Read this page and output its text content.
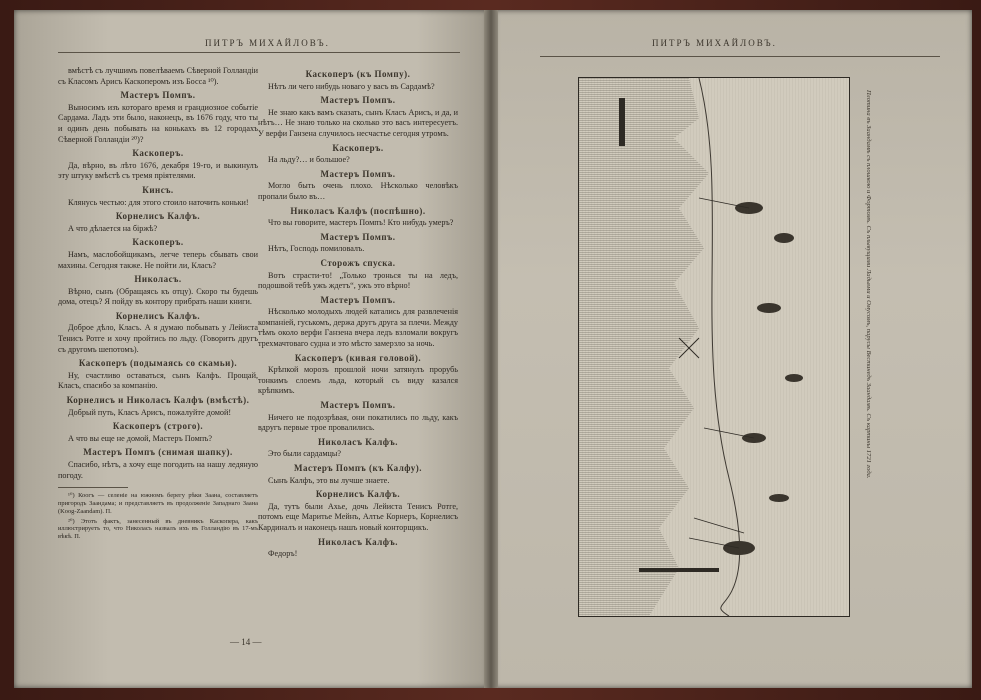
ПИТРЪ МИХАЙЛОВЪ.

вмѣстѣ съ лучшимъ повелѣваемъ Сѣверной Голландіи съ Класомъ Арисъ Каскоперомъ изъ Босса ¹⁰).

Мастеръ Помпъ.

Выносимъ изъ котораго время и грандиозное событіе Сардама. Ладъ эти было, наконецъ, въ 1676 году, что ты и одинъ день побывать на конькахъ въ 12 городахъ Сѣверной Голландіи ²⁰)?

Каскоперъ.

Да, вѣрно, въ лѣто 1676, декабря 19-го, и выкинулъ эту штуку вмѣстѣ съ тремя пріятелями.

Кинсъ.

Клянусь честью: для этого стоило наточить коньки!

Корнелисъ Калфъ.

А что дѣлается на біржѣ?

Каскоперъ.

Намъ, маслобойщикамъ, легче теперь сбывать свои махины. Сегодня также. Не пойти ли, Класъ?

Николасъ.

Вѣрно, сынъ (Обращаясь къ отцу). Скоро ты будешь дома, отецъ? Я пойду въ контору прибрать наши книги.

Корнелисъ Калфъ.

Доброе дѣло, Класъ. А я думаю побывать у Лейиста Тенисъ Ротге и хочу пройтись по льду. (Говоритъ другъ съ другомъ шепотомъ).

Каскоперъ (подымаясь со скамьи).

Ну, счастливо оставаться, сынъ Калфъ. Прощай, Класъ, спасибо за компанію.

Корнелисъ и Николасъ Калфъ (вмѣстѣ).

Добрый путь, Класъ Арисъ, пожалуйте домой!

Каскоперъ (строго).

А что вы еще не домой, Мастеръ Помпъ?

Мастеръ Помпъ (снимая шапку).

Спасибо, нѣтъ, а хочу еще погодить на нашу ледяную погоду.

¹⁰) Коогъ — селеніе на южномъ берегу рѣки Заана, составляетъ пригородъ Заандама; и представляетъ въ продолженіе Западнаго Заана (Koog-Zaandam). П.

²⁰) Этотъ фактъ, занесенный въ дневникъ Каскопера, какъ иллюстрируетъ то, что Николасъ назвалъ ихъ въ Голландію въ 17-мъ вѣкѣ. П.

Каскоперъ (къ Помпу).

Нѣтъ ли чего нибудь новаго у васъ въ Сардамѣ?

Мастеръ Помпъ.

Не знаю какъ вамъ сказать, сынъ Класъ Арисъ, и да, и нѣтъ… Не знаю только на сколько это васъ интересуетъ. У верфи Ганзена случилось несчастье сегодня утромъ.

Каскоперъ.

На льду?… и большое?

Мастеръ Помпъ.

Могло быть очень плохо. Нѣсколько человѣкъ пропали было въ…

Николасъ Калфъ (поспѣшно).

Что вы говорите, мастеръ Помпъ! Кто нибудь умеръ?

Мастеръ Помпъ.

Нѣтъ, Господь помиловалъ.

Сторожъ спуска.

Вотъ страсти-то! „Только тронься ты на ледъ, подошвой тебѣ ужъ ждетъ“, ужъ это вѣрно!

Мастеръ Помпъ.

Нѣсколько молодыхъ людей катались для развлеченія компаніей, гуськомъ, держа другъ друга за плечи. Между тѣмъ около верфи Ганзена вчера ледъ взломали вокругъ трехмачтоваго судна и это мѣсто замерзло за ночь.

Каскоперъ (кивая головой).

Крѣпкой морозъ прошлой ночи затянулъ прорубь тонкимъ слоемъ льда, который съ виду казался крѣпкимъ.

Мастеръ Помпъ.

Ничего не подозрѣвая, они покатились по льду, какъ вдругъ первые трое провалились.

Николасъ Калфъ.

Это были сардамцы?

Мастеръ Помпъ (къ Калфу).

Сынъ Калфъ, это вы лучше знаете.

Корнелисъ Калфъ.

Да, тутъ были Ахье, дочь Лейиста Тенисъ Ротге, потомъ еще Маритье Мейнъ, Алтье Корнеръ, Корнелисъ Кардиналъ и наконецъ нашъ новый конторщикъ.

Николасъ Калфъ.

Федоръ!

— 14 —
ПИТРЪ МИХАЙЛОВЪ.
Плотина въ Заандамѣ съ плошкою и Фортомъ. Съ плывущими Ладьями и Омусомъ, парусы Вестинедъ Заандамъ. Съ картины 1721 года.
